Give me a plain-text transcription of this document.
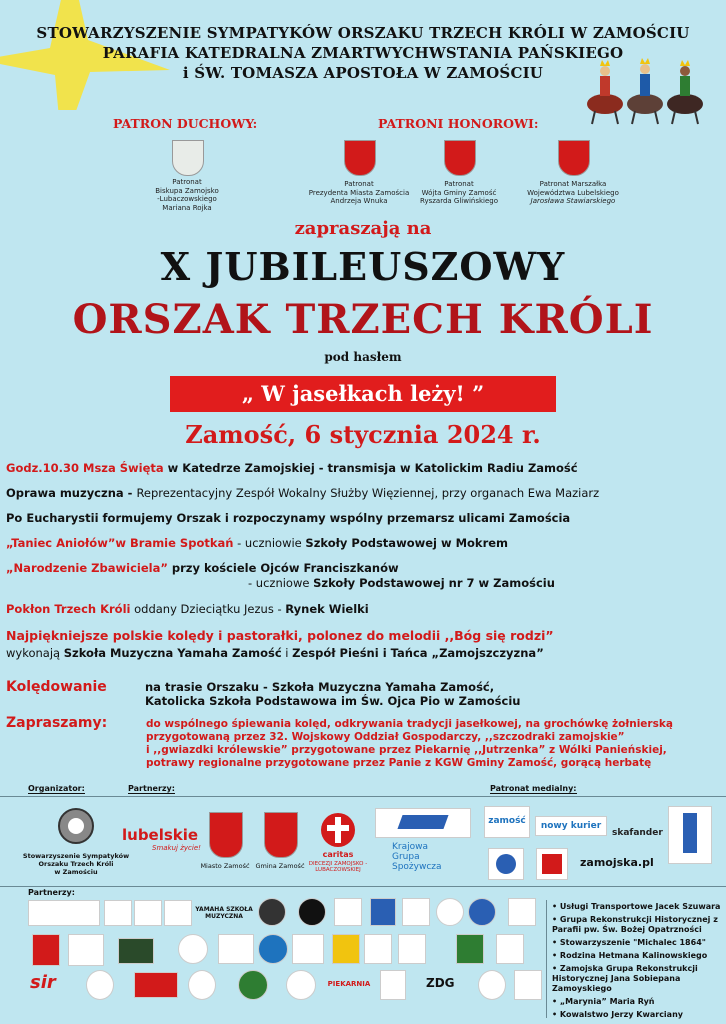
STOWARZYSZENIE SYMPATYKÓW ORSZAKU TRZECH KRÓLI W ZAMOŚCIU
PARAFIA KATEDRALNA ZMARTWYCHWSTANIA PAŃSKIEGO
i ŚW. TOMASZA APOSTOŁA W ZAMOŚCIU
PATRON DUCHOWY:	PATRONI HONOROWI:
Patronat
Biskupa Zamojsko
-Lubaczowskiego
Mariana Rojka
Patronat
Prezydenta Miasta Zamościa
Andrzeja Wnuka
Patronat
Wójta Gminy Zamość
Ryszarda Gliwińskiego
Patronat Marszałka
Województwa Lubelskiego
Jarosława Stawiarskiego
zapraszają na
X JUBILEUSZOWY
ORSZAK TRZECH KRÓLI
pod hasłem
„ W jasełkach leży! ”
Zamość, 6 stycznia 2024 r.
Godz.10.30 Msza Święta w Katedrze Zamojskiej - transmisja w Katolickim Radiu Zamość
Oprawa muzyczna - Reprezentacyjny Zespół Wokalny Służby Więziennej, przy organach Ewa Maziarz
Po Eucharystii formujemy Orszak i rozpoczynamy wspólny przemarsz ulicami Zamościa
„Taniec Aniołów”w Bramie Spotkań - uczniowie Szkoły Podstawowej w Mokrem
„Narodzenie Zbawiciela” przy kościele Ojców Franciszkanów
- uczniowe Szkoły Podstawowej nr 7 w Zamościu
Pokłon Trzech Króli oddany Dzieciątku Jezus - Rynek Wielki
Najpiękniejsze polskie kolędy i pastorałki, polonez do melodii ,,Bóg się rodzi”
wykonają Szkoła Muzyczna Yamaha Zamość i Zespół Pieśni i Tańca „Zamojszczyzna”
Kolędowanie	na trasie Orszaku - Szkoła Muzyczna Yamaha Zamość,
Katolicka Szkoła Podstawowa im Św. Ojca Pio w Zamościu
Zapraszamy:	do wspólnego śpiewania kolęd, odkrywania tradycji jasełkowej, na grochówkę żołnierską
przygotowaną przez 32. Wojskowy Oddział Gospodarczy, ,,szczodraki zamojskie”
i ,,gwiazdki królewskie” przygotowane przez Piekarnię ,,Jutrzenka” z Wólki Panieńskiej,
potrawy regionalne przygotowane przez Panie z KGW Gminy Zamość, gorącą herbatę
Organizator:	Partnerzy:	Patronat medialny:
Stowarzyszenie Sympatyków
Orszaku Trzech Króli
w Zamościu
lubelskie
Smakuj życie!
Miasto Zamość Gmina Zamość
caritas
DIECEZJI ZAMOJSKO -LUBACZOWSKIEJ
Krajowa
Grupa
Spożywcza
zamość	nowy kurier
skafander
zamojska.pl
Partnerzy:
YAMAHA SZKOŁA MUZYCZNA
sir	PIEKARNIA	ZDG
• Usługi Transportowe Jacek Szuwara
• Grupa Rekonstrukcji Historycznej z Parafii pw. Św. Bożej Opatrzności
• Stowarzyszenie "Michalec 1864"
• Rodzina Hetmana Kalinowskiego
• Zamojska Grupa Rekonstrukcji Historycznej Jana Sobiepana Zamoyskiego
• „Marynia” Maria Ryń
• Kowalstwo Jerzy Kwarciany
